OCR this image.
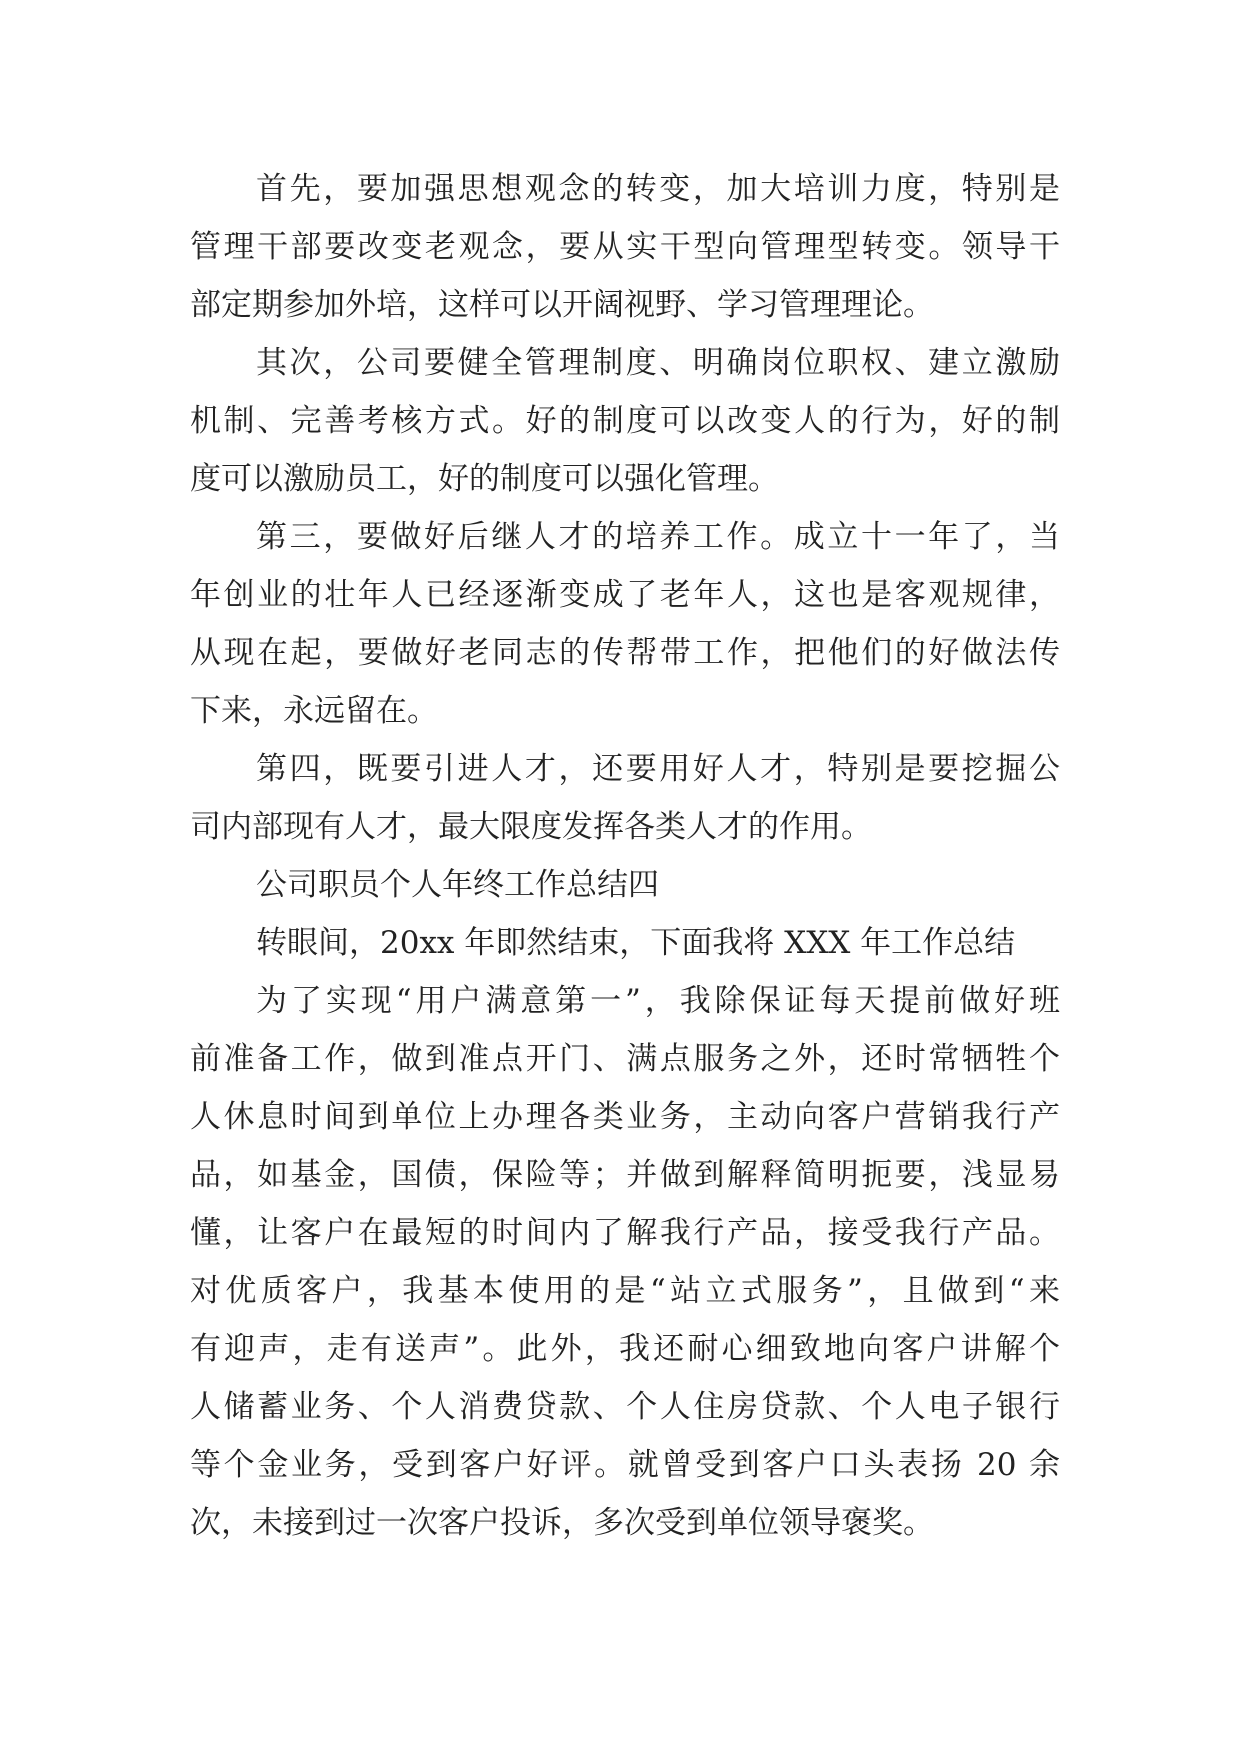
首先，要加强思想观念的转变，加大培训力度，特别是
管理干部要改变老观念，要从实干型向管理型转变。领导干
部定期参加外培，这样可以开阔视野、学习管理理论。
其次，公司要健全管理制度、明确岗位职权、建立激励
机制、完善考核方式。好的制度可以改变人的行为，好的制
度可以激励员工，好的制度可以强化管理。
第三，要做好后继人才的培养工作。成立十一年了，当
年创业的壮年人已经逐渐变成了老年人，这也是客观规律，
从现在起，要做好老同志的传帮带工作，把他们的好做法传
下来，永远留在。
第四，既要引进人才，还要用好人才，特别是要挖掘公
司内部现有人才，最大限度发挥各类人才的作用。
公司职员个人年终工作总结四
转眼间，20xx 年即然结束，下面我将 XXX 年工作总结
为了实现“用户满意第一”，我除保证每天提前做好班
前准备工作，做到准点开门、满点服务之外，还时常牺牲个
人休息时间到单位上办理各类业务，主动向客户营销我行产
品，如基金，国债，保险等；并做到解释简明扼要，浅显易
懂，让客户在最短的时间内了解我行产品，接受我行产品。
对优质客户，我基本使用的是“站立式服务”，且做到“来
有迎声，走有送声”。此外，我还耐心细致地向客户讲解个
人储蓄业务、个人消费贷款、个人住房贷款、个人电子银行
等个金业务，受到客户好评。就曾受到客户口头表扬 20 余
次，未接到过一次客户投诉，多次受到单位领导褒奖。
